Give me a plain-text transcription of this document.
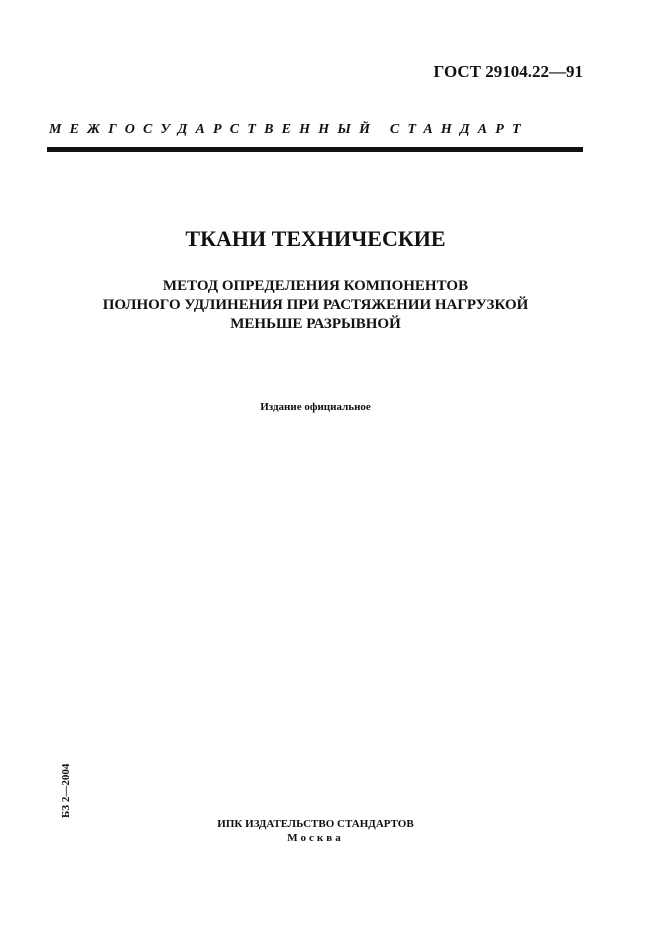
ГОСТ 29104.22—91
МЕЖГОСУДАРСТВЕННЫЙ СТАНДАРТ
ТКАНИ ТЕХНИЧЕСКИЕ
МЕТОД ОПРЕДЕЛЕНИЯ КОМПОНЕНТОВ
ПОЛНОГО УДЛИНЕНИЯ ПРИ РАСТЯЖЕНИИ НАГРУЗКОЙ
МЕНЬШЕ РАЗРЫВНОЙ
Издание официальное
БЗ 2—2004
ИПК ИЗДАТЕЛЬСТВО СТАНДАРТОВ
Москва
